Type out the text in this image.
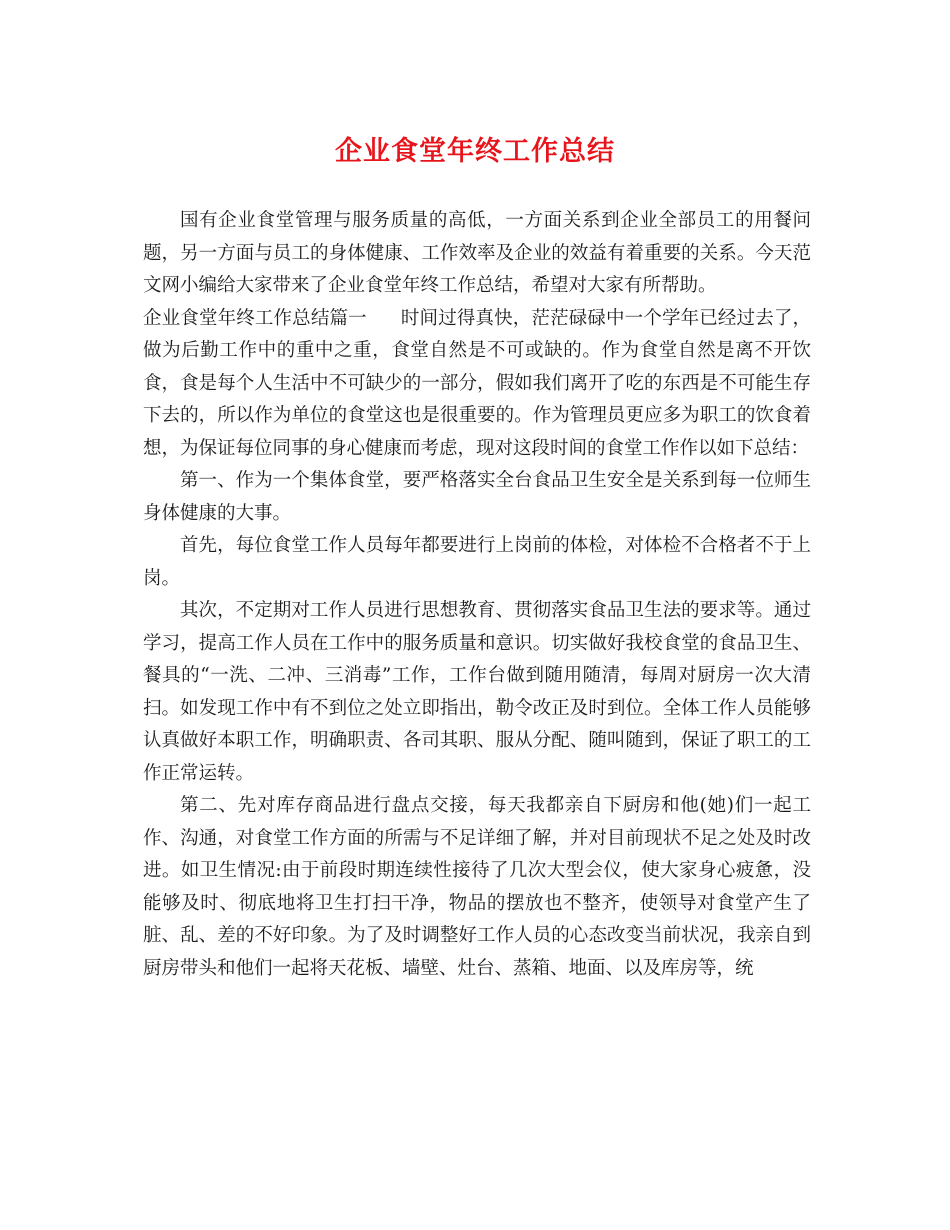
企业食堂年终工作总结

国有企业食堂管理与服务质量的高低，一方面关系到企业全部员工的用餐问题，另一方面与员工的身体健康、工作效率及企业的效益有着重要的关系。今天范文网小编给大家带来了企业食堂年终工作总结，希望对大家有所帮助。

企业食堂年终工作总结篇一 时间过得真快，茫茫碌碌中一个学年已经过去了，做为后勤工作中的重中之重，食堂自然是不可或缺的。作为食堂自然是离不开饮食，食是每个人生活中不可缺少的一部分，假如我们离开了吃的东西是不可能生存下去的，所以作为单位的食堂这也是很重要的。作为管理员更应多为职工的饮食着想，为保证每位同事的身心健康而考虑，现对这段时间的食堂工作作以如下总结：

第一、作为一个集体食堂，要严格落实全台食品卫生安全是关系到每一位师生身体健康的大事。

首先，每位食堂工作人员每年都要进行上岗前的体检，对体检不合格者不于上岗。

其次，不定期对工作人员进行思想教育、贯彻落实食品卫生法的要求等。通过学习，提高工作人员在工作中的服务质量和意识。切实做好我校食堂的食品卫生、餐具的“一洗、二冲、三消毒”工作，工作台做到随用随清，每周对厨房一次大清扫。如发现工作中有不到位之处立即指出，勒令改正及时到位。全体工作人员能够认真做好本职工作，明确职责、各司其职、服从分配、随叫随到，保证了职工的工作正常运转。

第二、先对库存商品进行盘点交接，每天我都亲自下厨房和他(她)们一起工作、沟通，对食堂工作方面的所需与不足详细了解，并对目前现状不足之处及时改进。如卫生情况:由于前段时期连续性接待了几次大型会仪，使大家身心疲惫，没能够及时、彻底地将卫生打扫干净，物品的摆放也不整齐，使领导对食堂产生了脏、乱、差的不好印象。为了及时调整好工作人员的心态改变当前状况，我亲自到厨房带头和他们一起将天花板、墙壁、灶台、蒸箱、地面、以及库房等，统
